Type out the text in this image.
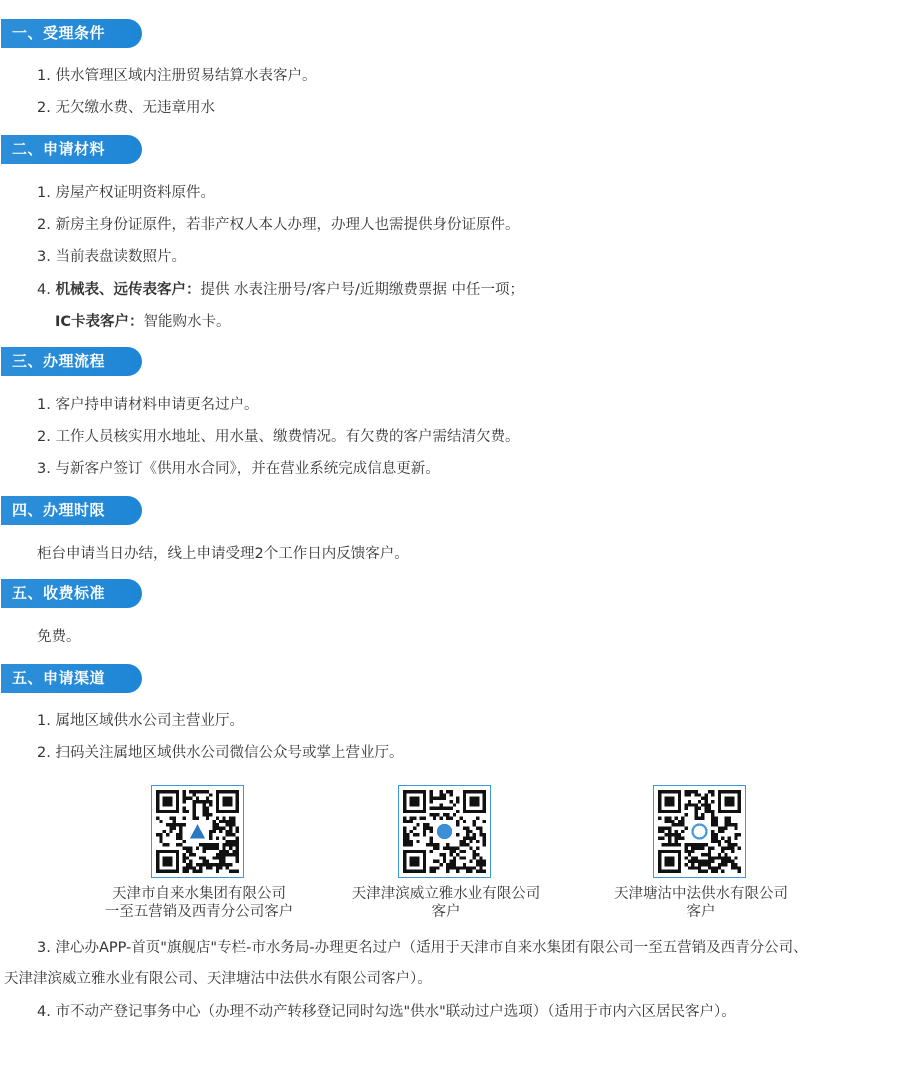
一、受理条件
1. 供水管理区域内注册贸易结算水表客户。
2. 无欠缴水费、无违章用水
二、申请材料
1. 房屋产权证明资料原件。
2. 新房主身份证原件，若非产权人本人办理，办理人也需提供身份证原件。
3. 当前表盘读数照片。
4. 机械表、远传表客户：提供 水表注册号/客户号/近期缴费票据 中任一项；
IC卡表客户：智能购水卡。
三、办理流程
1. 客户持申请材料申请更名过户。
2. 工作人员核实用水地址、用水量、缴费情况。有欠费的客户需结清欠费。
3. 与新客户签订《供用水合同》，并在营业系统完成信息更新。
四、办理时限
柜台申请当日办结，线上申请受理2个工作日内反馈客户。
五、收费标准
免费。
五、申请渠道
1. 属地区域供水公司主营业厅。
2. 扫码关注属地区域供水公司微信公众号或掌上营业厅。
天津市自来水集团有限公司
一至五营销及西青分公司客户
天津津滨威立雅水业有限公司
客户
天津塘沽中法供水有限公司
客户
3. 津心办APP-首页"旗舰店"专栏-市水务局-办理更名过户（适用于天津市自来水集团有限公司一至五营销及西青分公司、
天津津滨威立雅水业有限公司、天津塘沽中法供水有限公司客户）。
4. 市不动产登记事务中心（办理不动产转移登记同时勾选"供水"联动过户选项）（适用于市内六区居民客户）。
